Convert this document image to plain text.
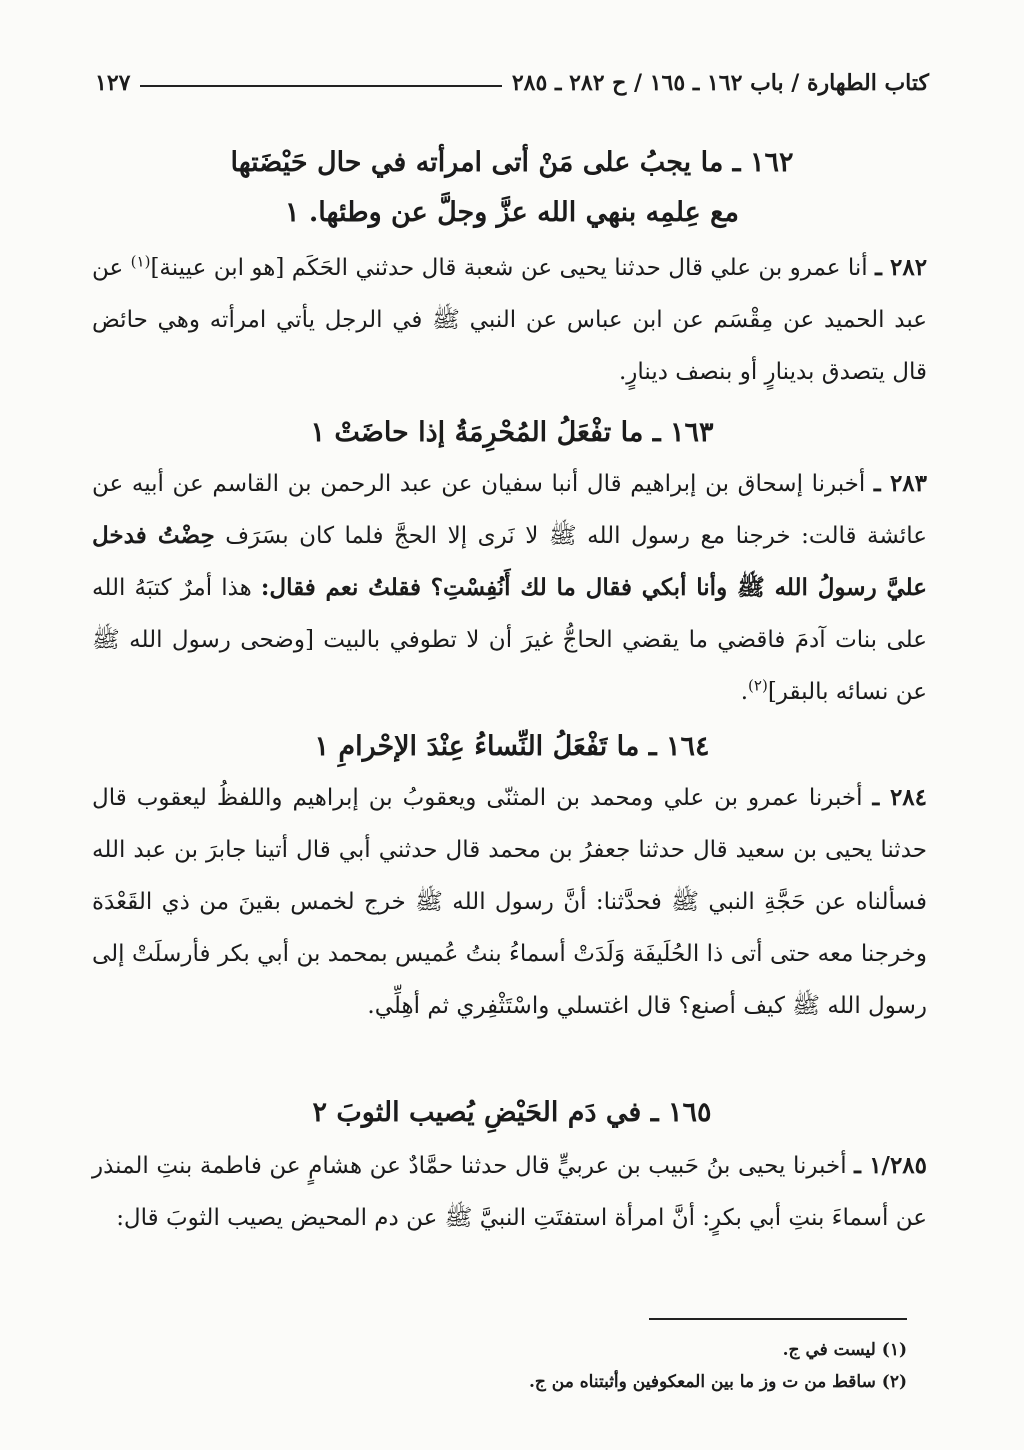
كتاب الطهارة / باب ١٦٢ ـ ١٦٥ / ح ٢٨٢ ـ ٢٨٥
١٢٧
١٦٢ ـ ما يجبُ على مَنْ أتى امرأته في حال حَيْضَتها
مع عِلمِه بنهي الله عزَّ وجلَّ عن وطئها. ١
٢٨٢ ـ أنا عمرو بن علي قال حدثنا يحيى عن شعبة قال حدثني الحَكَم [هو ابن عيينة]$^{(١)}$ عن عبد الحميد عن مِقْسَم عن ابن عباس عن النبي ﷺ في الرجل يأتي امرأته وهي حائض قال يتصدق بدينارٍ أو بنصف دينارٍ.
١٦٣ ـ ما تفْعَلُ المُحْرِمَةُ إذا حاضَتْ ١
٢٨٣ ـ أخبرنا إسحاق بن إبراهيم قال أنبا سفيان عن عبد الرحمن بن القاسم عن أبيه عن عائشة قالت: خرجنا مع رسول الله ﷺ لا نَرى إلا الحجَّ فلما كان بسَرَف حِضْتُ فدخل عليَّ رسولُ الله ﷺ وأنا أبكي فقال ما لك أَنُفِسْتِ؟ فقلتُ نعم فقال: هذا أمرٌ كتبَهُ الله على بنات آدمَ فاقضي ما يقضي الحاجُّ غيرَ أن لا تطوفي بالبيت [وضحى رسول الله ﷺ عن نسائه بالبقر]$^{(٢)}$.
١٦٤ ـ ما تَفْعَلُ النِّساءُ عِنْدَ الإحْرامِ ١
٢٨٤ ـ أخبرنا عمرو بن علي ومحمد بن المثنّى ويعقوبُ بن إبراهيم واللفظُ ليعقوب قال حدثنا يحيى بن سعيد قال حدثنا جعفرُ بن محمد قال حدثني أبي قال أتينا جابرَ بن عبد الله فسألناه عن حَجَّةِ النبي ﷺ فحدَّثنا: أنَّ رسول الله ﷺ خرج لخمس بقينَ من ذي القَعْدَة وخرجنا معه حتى أتى ذا الحُلَيفَة وَلَدَتْ أسماءُ بنتُ عُميس بمحمد بن أبي بكر فأرسلَتْ إلى رسول الله ﷺ كيف أصنع؟ قال اغتسلي واسْتَثْفِري ثم أهِلِّي.
١٦٥ ـ في دَم الحَيْضِ يُصيب الثوبَ ٢
١/٢٨٥ ـ أخبرنا يحيى بنُ حَبيب بن عربيٍّ قال حدثنا حمَّادٌ عن هشامٍ عن فاطمة بنتِ المنذر عن أسماءَ بنتِ أبي بكرٍ: أنَّ امرأة استفتَتِ النبيَّ ﷺ عن دم المحيض يصيب الثوبَ قال:
(١) ليست في ج.
(٢) ساقط من ت وز ما بين المعكوفين وأثبتناه من ج.
